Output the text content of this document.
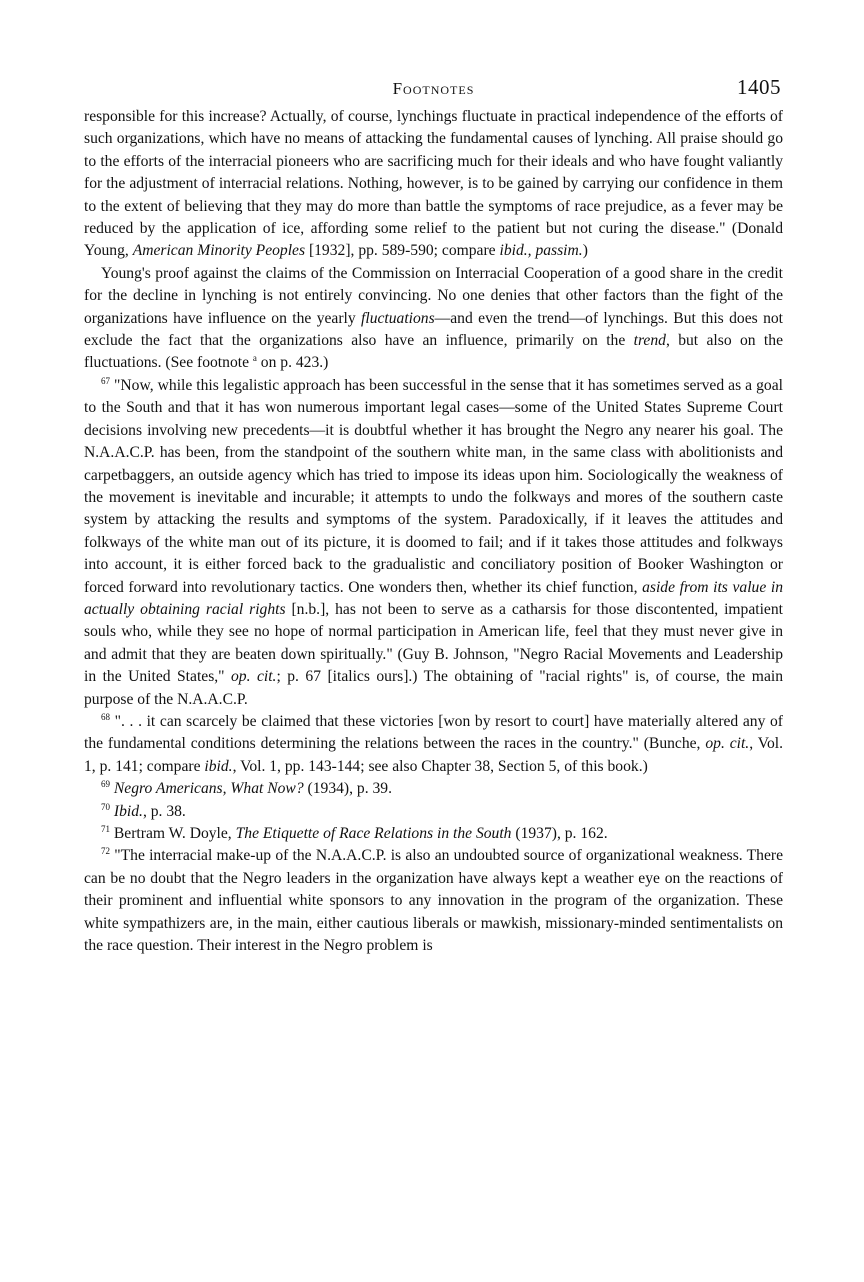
Footnotes	1405

responsible for this increase? Actually, of course, lynchings fluctuate in practical independence of the efforts of such organizations, which have no means of attacking the fundamental causes of lynching. All praise should go to the efforts of the interracial pioneers who are sacrificing much for their ideals and who have fought valiantly for the adjustment of interracial relations. Nothing, however, is to be gained by carrying our confidence in them to the extent of believing that they may do more than battle the symptoms of race prejudice, as a fever may be reduced by the application of ice, affording some relief to the patient but not curing the disease." (Donald Young, American Minority Peoples [1932], pp. 589-590; compare ibid., passim.)

Young's proof against the claims of the Commission on Interracial Cooperation of a good share in the credit for the decline in lynching is not entirely convincing. No one denies that other factors than the fight of the organizations have influence on the yearly fluctuations—and even the trend—of lynchings. But this does not exclude the fact that the organizations also have an influence, primarily on the trend, but also on the fluctuations. (See footnote $^a$ on p. 423.)

$^{67}$ "Now, while this legalistic approach has been successful in the sense that it has sometimes served as a goal to the South and that it has won numerous important legal cases—some of the United States Supreme Court decisions involving new precedents—it is doubtful whether it has brought the Negro any nearer his goal. The N.A.A.C.P. has been, from the standpoint of the southern white man, in the same class with abolitionists and carpetbaggers, an outside agency which has tried to impose its ideas upon him. Sociologically the weakness of the movement is inevitable and incurable; it attempts to undo the folkways and mores of the southern caste system by attacking the results and symptoms of the system. Paradoxically, if it leaves the attitudes and folkways of the white man out of its picture, it is doomed to fail; and if it takes those attitudes and folkways into account, it is either forced back to the gradualistic and conciliatory position of Booker Washington or forced forward into revolutionary tactics. One wonders then, whether its chief function, aside from its value in actually obtaining racial rights [n.b.], has not been to serve as a catharsis for those discontented, impatient souls who, while they see no hope of normal participation in American life, feel that they must never give in and admit that they are beaten down spiritually." (Guy B. Johnson, "Negro Racial Movements and Leadership in the United States," op. cit.; p. 67 [italics ours].) The obtaining of "racial rights" is, of course, the main purpose of the N.A.A.C.P.

$^{68}$ ". . . it can scarcely be claimed that these victories [won by resort to court] have materially altered any of the fundamental conditions determining the relations between the races in the country." (Bunche, op. cit., Vol. 1, p. 141; compare ibid., Vol. 1, pp. 143-144; see also Chapter 38, Section 5, of this book.)

$^{69}$ Negro Americans, What Now? (1934), p. 39.

$^{70}$ Ibid., p. 38.

$^{71}$ Bertram W. Doyle, The Etiquette of Race Relations in the South (1937), p. 162.

$^{72}$ "The interracial make-up of the N.A.A.C.P. is also an undoubted source of organizational weakness. There can be no doubt that the Negro leaders in the organization have always kept a weather eye on the reactions of their prominent and influential white sponsors to any innovation in the program of the organization. These white sympathizers are, in the main, either cautious liberals or mawkish, missionary-minded sentimentalists on the race question. Their interest in the Negro problem is
